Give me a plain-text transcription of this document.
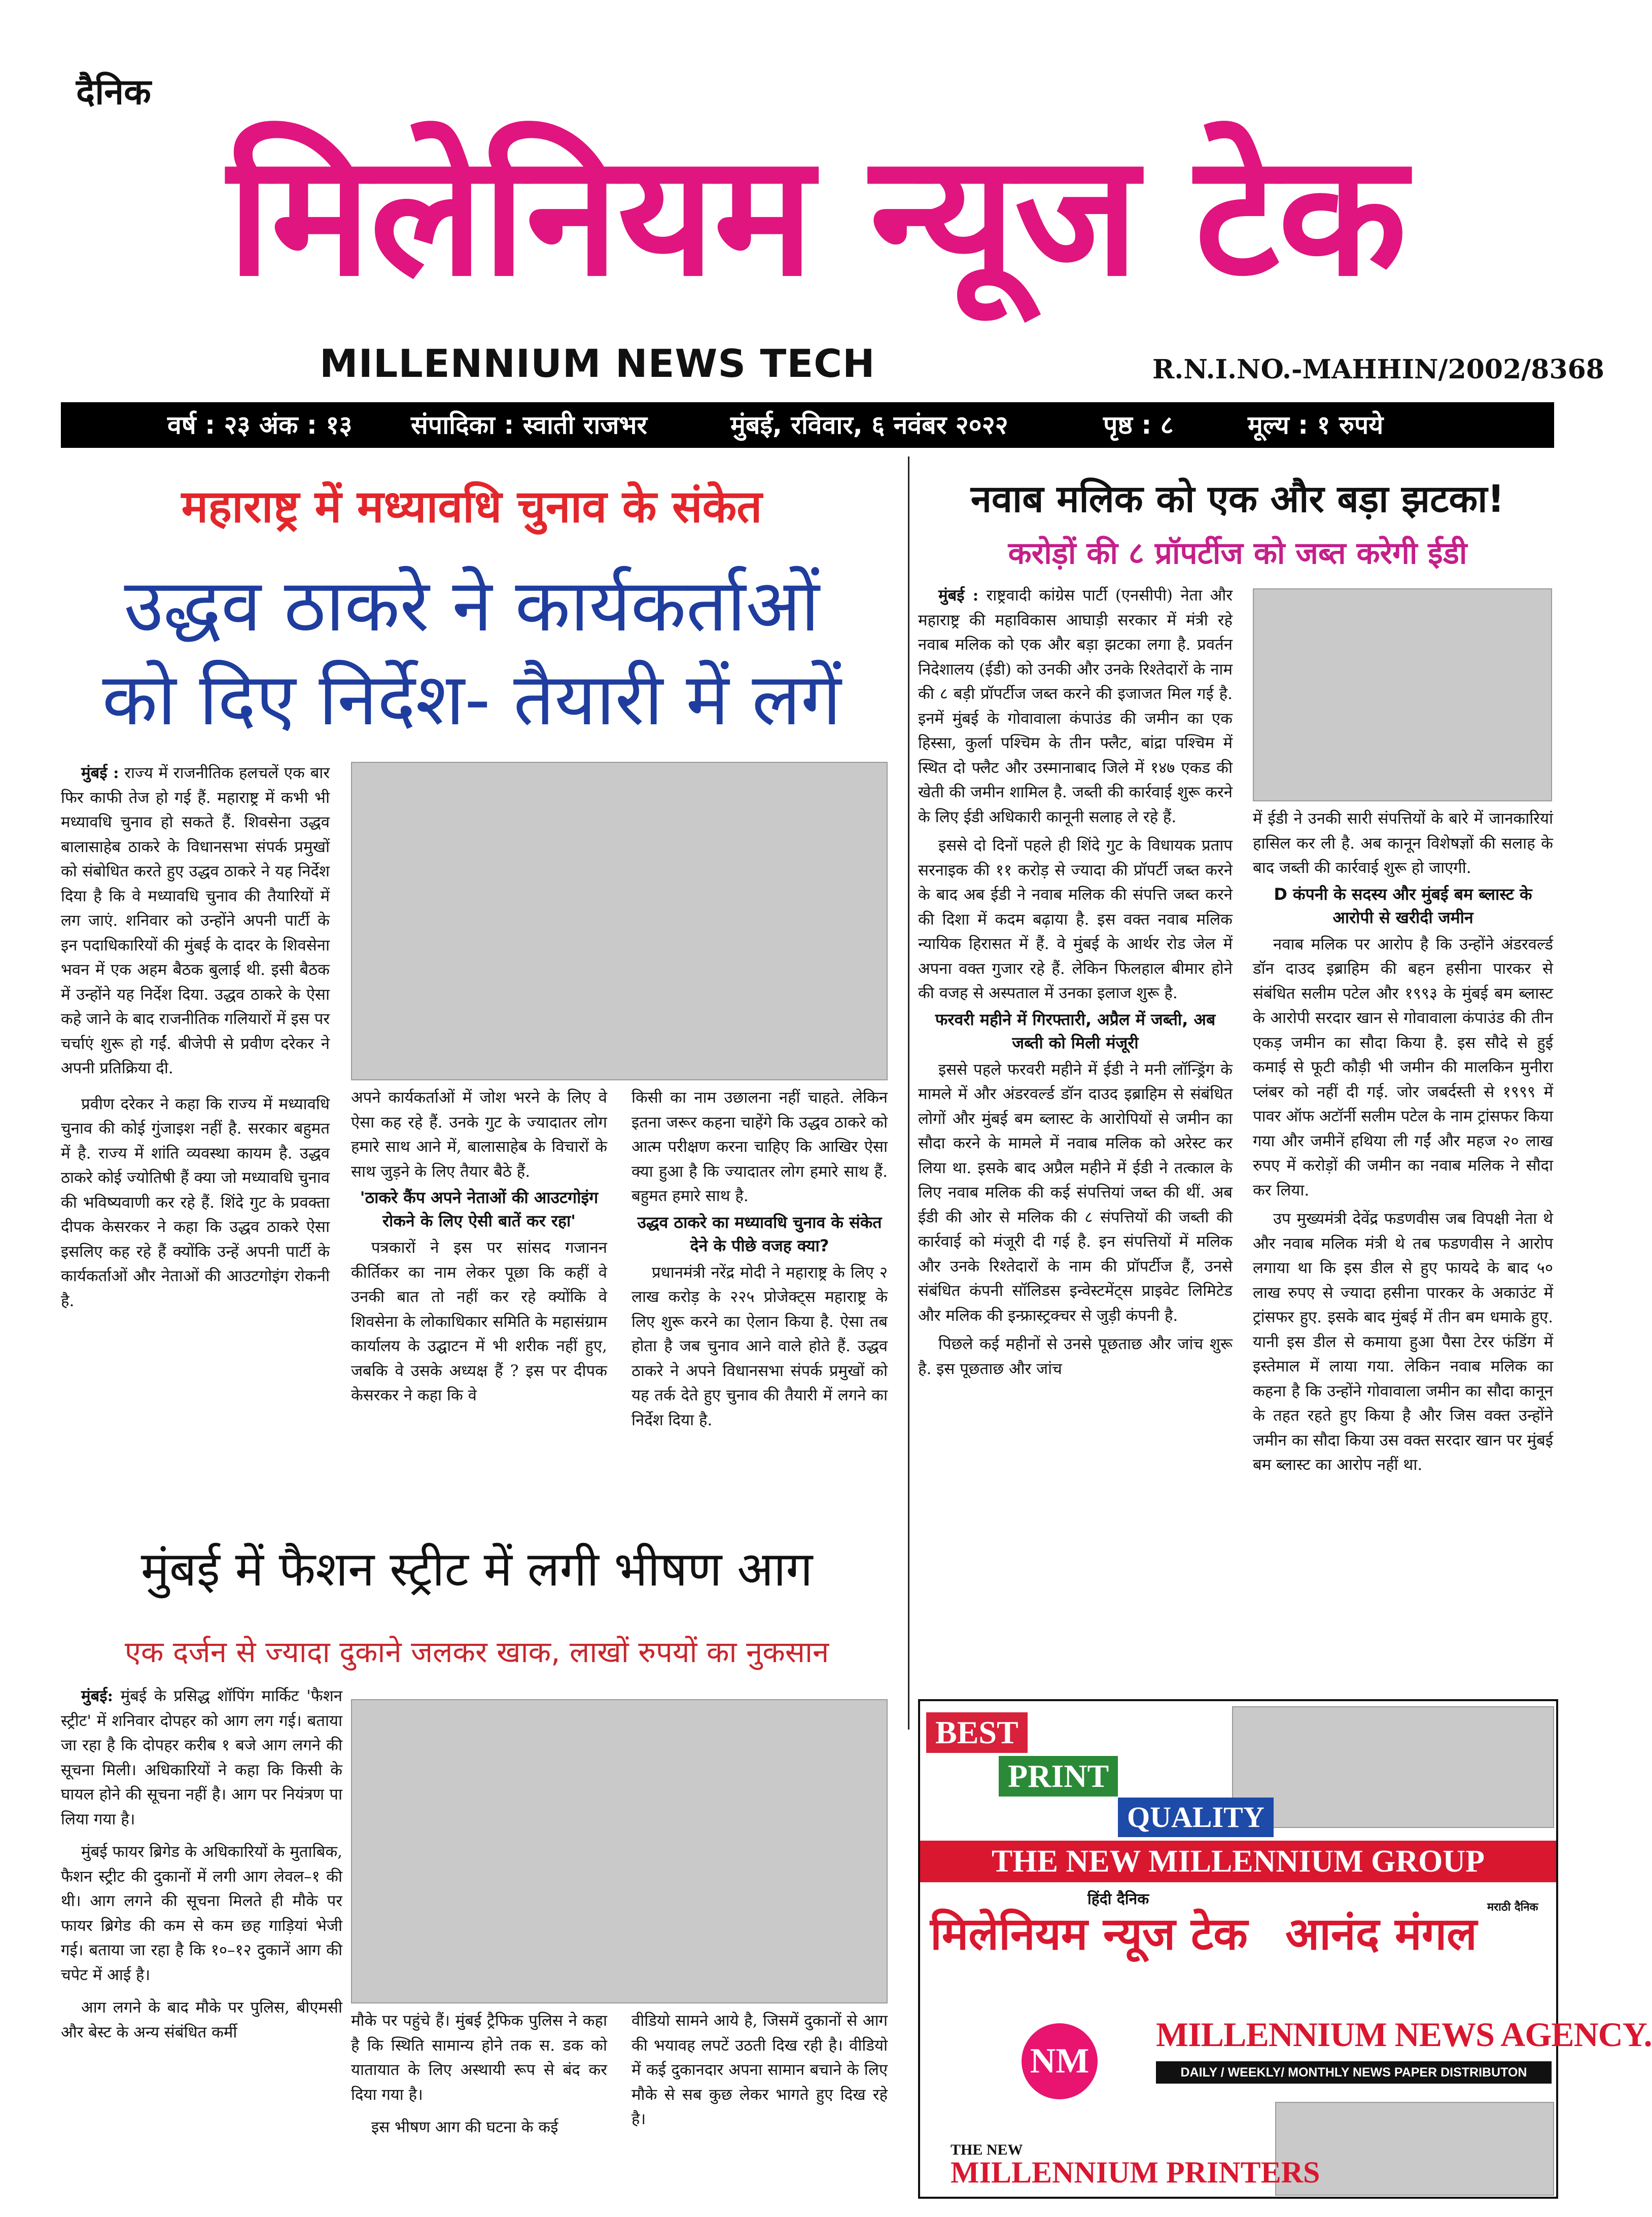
दैनिक
मिलेनियम न्यूज टेक
MILLENNIUM NEWS TECH	R.N.I.NO.-MAHHIN/2002/8368
वर्ष : २३ अंक : १३ संपादिका : स्वाती राजभर	मुंबई, रविवार, ६ नवंबर २०२२	पृष्ठ : ८	मूल्य : १ रुपये
महाराष्ट्र में मध्यावधि चुनाव के संकेत
उद्धव ठाकरे ने कार्यकर्ताओं
को दिए निर्देश- तैयारी में लगें

मुंबई : राज्य में राजनीतिक हलचलें एक बार फिर काफी तेज हो गई हैं. महाराष्ट्र में कभी भी मध्यावधि चुनाव हो सकते हैं. शिवसेना उद्धव बालासाहेब ठाकरे के विधानसभा संपर्क प्रमुखों को संबोधित करते हुए उद्धव ठाकरे ने यह निर्देश दिया है कि वे मध्यावधि चुनाव की तैयारियों में लग जाएं. शनिवार को उन्होंने अपनी पार्टी के इन पदाधिकारियों की मुंबई के दादर के शिवसेना भवन में एक अहम बैठक बुलाई थी. इसी बैठक में उन्होंने यह निर्देश दिया. उद्धव ठाकरे के ऐसा कहे जाने के बाद राजनीतिक गलियारों में इस पर चर्चाएं शुरू हो गईं. बीजेपी से प्रवीण दरेकर ने अपनी प्रतिक्रिया दी.

प्रवीण दरेकर ने कहा कि राज्य में मध्यावधि चुनाव की कोई गुंजाइश नहीं है. सरकार बहुमत में है. राज्य में शांति व्यवस्था कायम है. उद्धव ठाकरे कोई ज्योतिषी हैं क्या जो मध्यावधि चुनाव की भविष्यवाणी कर रहे हैं. शिंदे गुट के प्रवक्ता दीपक केसरकर ने कहा कि उद्धव ठाकरे ऐसा इसलिए कह रहे हैं क्योंकि उन्हें अपनी पार्टी के कार्यकर्ताओं और नेताओं की आउटगोइंग रोकनी है.

अपने कार्यकर्ताओं में जोश भरने के लिए वे ऐसा कह रहे हैं. उनके गुट के ज्यादातर लोग हमारे साथ आने में, बालासाहेब के विचारों के साथ जुड़ने के लिए तैयार बैठे हैं.

'ठाकरे कैंप अपने नेताओं की आउटगोइंग रोकने के लिए ऐसी बातें कर रहा'

पत्रकारों ने इस पर सांसद गजानन कीर्तिकर का नाम लेकर पूछा कि कहीं वे उनकी बात तो नहीं कर रहे क्योंकि वे शिवसेना के लोकाधिकार समिति के महासंग्राम कार्यालय के उद्घाटन में भी शरीक नहीं हुए, जबकि वे उसके अध्यक्ष हैं ? इस पर दीपक केसरकर ने कहा कि वे

किसी का नाम उछालना नहीं चाहते. लेकिन इतना जरूर कहना चाहेंगे कि उद्धव ठाकरे को आत्म परीक्षण करना चाहिए कि आखिर ऐसा क्या हुआ है कि ज्यादातर लोग हमारे साथ हैं. बहुमत हमारे साथ है.

उद्धव ठाकरे का मध्यावधि चुनाव के संकेत देने के पीछे वजह क्या?

प्रधानमंत्री नरेंद्र मोदी ने महाराष्ट्र के लिए २ लाख करोड़ के २२५ प्रोजेक्ट्स महाराष्ट्र के लिए शुरू करने का ऐलान किया है. ऐसा तब होता है जब चुनाव आने वाले होते हैं. उद्धव ठाकरे ने अपने विधानसभा संपर्क प्रमुखों को यह तर्क देते हुए चुनाव की तैयारी में लगने का निर्देश दिया है.

नवाब मलिक को एक और बड़ा झटका!
करोड़ों की ८ प्रॉपर्टीज को जब्त करेगी ईडी

मुंबई : राष्ट्रवादी कांग्रेस पार्टी (एनसीपी) नेता और महाराष्ट्र की महाविकास आघाड़ी सरकार में मंत्री रहे नवाब मलिक को एक और बड़ा झटका लगा है. प्रवर्तन निदेशालय (ईडी) को उनकी और उनके रिश्तेदारों के नाम की ८ बड़ी प्रॉपर्टीज जब्त करने की इजाजत मिल गई है. इनमें मुंबई के गोवावाला कंपाउंड की जमीन का एक हिस्सा, कुर्ला पश्चिम के तीन फ्लैट, बांद्रा पश्चिम में स्थित दो फ्लैट और उस्मानाबाद जिले में १४७ एकड की खेती की जमीन शामिल है. जब्ती की कार्रवाई शुरू करने के लिए ईडी अधिकारी कानूनी सलाह ले रहे हैं.

इससे दो दिनों पहले ही शिंदे गुट के विधायक प्रताप सरनाइक की ११ करोड़ से ज्यादा की प्रॉपर्टी जब्त करने के बाद अब ईडी ने नवाब मलिक की संपत्ति जब्त करने की दिशा में कदम बढ़ाया है. इस वक्त नवाब मलिक न्यायिक हिरासत में हैं. वे मुंबई के आर्थर रोड जेल में अपना वक्त गुजार रहे हैं. लेकिन फिलहाल बीमार होने की वजह से अस्पताल में उनका इलाज शुरू है.

फरवरी महीने में गिरफ्तारी, अप्रैल में जब्ती, अब जब्ती को मिली मंजूरी

इससे पहले फरवरी महीने में ईडी ने मनी लॉन्ड्रिंग के मामले में और अंडरवर्ल्ड डॉन दाउद इब्राहिम से संबंधित लोगों और मुंबई बम ब्लास्ट के आरोपियों से जमीन का सौदा करने के मामले में नवाब मलिक को अरेस्ट कर लिया था. इसके बाद अप्रैल महीने में ईडी ने तत्काल के लिए नवाब मलिक की कई संपत्तियां जब्त की थीं. अब ईडी की ओर से मलिक की ८ संपत्तियों की जब्ती की कार्रवाई को मंजूरी दी गई है. इन संपत्तियों में मलिक और उनके रिश्तेदारों के नाम की प्रॉपर्टीज हैं, उनसे संबंधित कंपनी सॉलिडस इन्वेस्टमेंट्स प्राइवेट लिमिटेड और मलिक की इन्फ्रास्ट्रक्चर से जुड़ी कंपनी है.

पिछले कई महीनों से उनसे पूछताछ और जांच शुरू है. इस पूछताछ और जांच

में ईडी ने उनकी सारी संपत्तियों के बारे में जानकारियां हासिल कर ली है. अब कानून विशेषज्ञों की सलाह के बाद जब्ती की कार्रवाई शुरू हो जाएगी.

D कंपनी के सदस्य और मुंबई बम ब्लास्ट के आरोपी से खरीदी जमीन

नवाब मलिक पर आरोप है कि उन्होंने अंडरवर्ल्ड डॉन दाउद इब्राहिम की बहन हसीना पारकर से संबंधित सलीम पटेल और १९९३ के मुंबई बम ब्लास्ट के आरोपी सरदार खान से गोवावाला कंपाउंड की तीन एकड़ जमीन का सौदा किया है. इस सौदे से हुई कमाई से फूटी कौड़ी भी जमीन की मालकिन मुनीरा प्लंबर को नहीं दी गई. जोर जबर्दस्ती से १९९९ में पावर ऑफ अटॉर्नी सलीम पटेल के नाम ट्रांसफर किया गया और जमीनें हथिया ली गईं और महज २० लाख रुपए में करोड़ों की जमीन का नवाब मलिक ने सौदा कर लिया.

उप मुख्यमंत्री देवेंद्र फडणवीस जब विपक्षी नेता थे और नवाब मलिक मंत्री थे तब फडणवीस ने आरोप लगाया था कि इस डील से हुए फायदे के बाद ५० लाख रुपए से ज्यादा हसीना पारकर के अकाउंट में ट्रांसफर हुए. इसके बाद मुंबई में तीन बम धमाके हुए. यानी इस डील से कमाया हुआ पैसा टेरर फंडिंग में इस्तेमाल में लाया गया. लेकिन नवाब मलिक का कहना है कि उन्होंने गोवावाला जमीन का सौदा कानून के तहत रहते हुए किया है और जिस वक्त उन्होंने जमीन का सौदा किया उस वक्त सरदार खान पर मुंबई बम ब्लास्ट का आरोप नहीं था.

मुंबई में फैशन स्ट्रीट में लगी भीषण आग
एक दर्जन से ज्यादा दुकाने जलकर खाक, लाखों रुपयों का नुकसान

मुंबई: मुंबई के प्रसिद्ध शॉपिंग मार्किट 'फैशन स्ट्रीट' में शनिवार दोपहर को आग लग गई। बताया जा रहा है कि दोपहर करीब १ बजे आग लगने की सूचना मिली। अधिकारियों ने कहा कि किसी के घायल होने की सूचना नहीं है। आग पर नियंत्रण पा लिया गया है।

मुंबई फायर ब्रिगेड के अधिकारियों के मुताबिक, फैशन स्ट्रीट की दुकानों में लगी आग लेवल–१ की थी। आग लगने की सूचना मिलते ही मौके पर फायर ब्रिगेड की कम से कम छह गाड़ियां भेजी गई। बताया जा रहा है कि १०–१२ दुकानें आग की चपेट में आई है।

आग लगने के बाद मौके पर पुलिस, बीएमसी और बेस्ट के अन्य संबंधित कर्मी

मौके पर पहुंचे हैं। मुंबई ट्रैफिक पुलिस ने कहा है कि स्थिति सामान्य होने तक स. डक को यातायात के लिए अस्थायी रूप से बंद कर दिया गया है।

इस भीषण आग की घटना के कई

वीडियो सामने आये है, जिसमें दुकानों से आग की भयावह लपटें उठती दिख रही है। वीडियो में कई दुकानदार अपना सामान बचाने के लिए मौके से सब कुछ लेकर भागते हुए दिख रहे है।

BEST
PRINT
QUALITY
THE NEW MILLENNIUM GROUP
हिंदी दैनिक
मिलेनियम न्यूज टेक
मराठी दैनिक
आनंद मंगल
NM
MILLENNIUM NEWS AGENCY.
DAILY / WEEKLY/ MONTHLY NEWS PAPER DISTRIBUTON
THE NEW
MILLENNIUM PRINTERS
